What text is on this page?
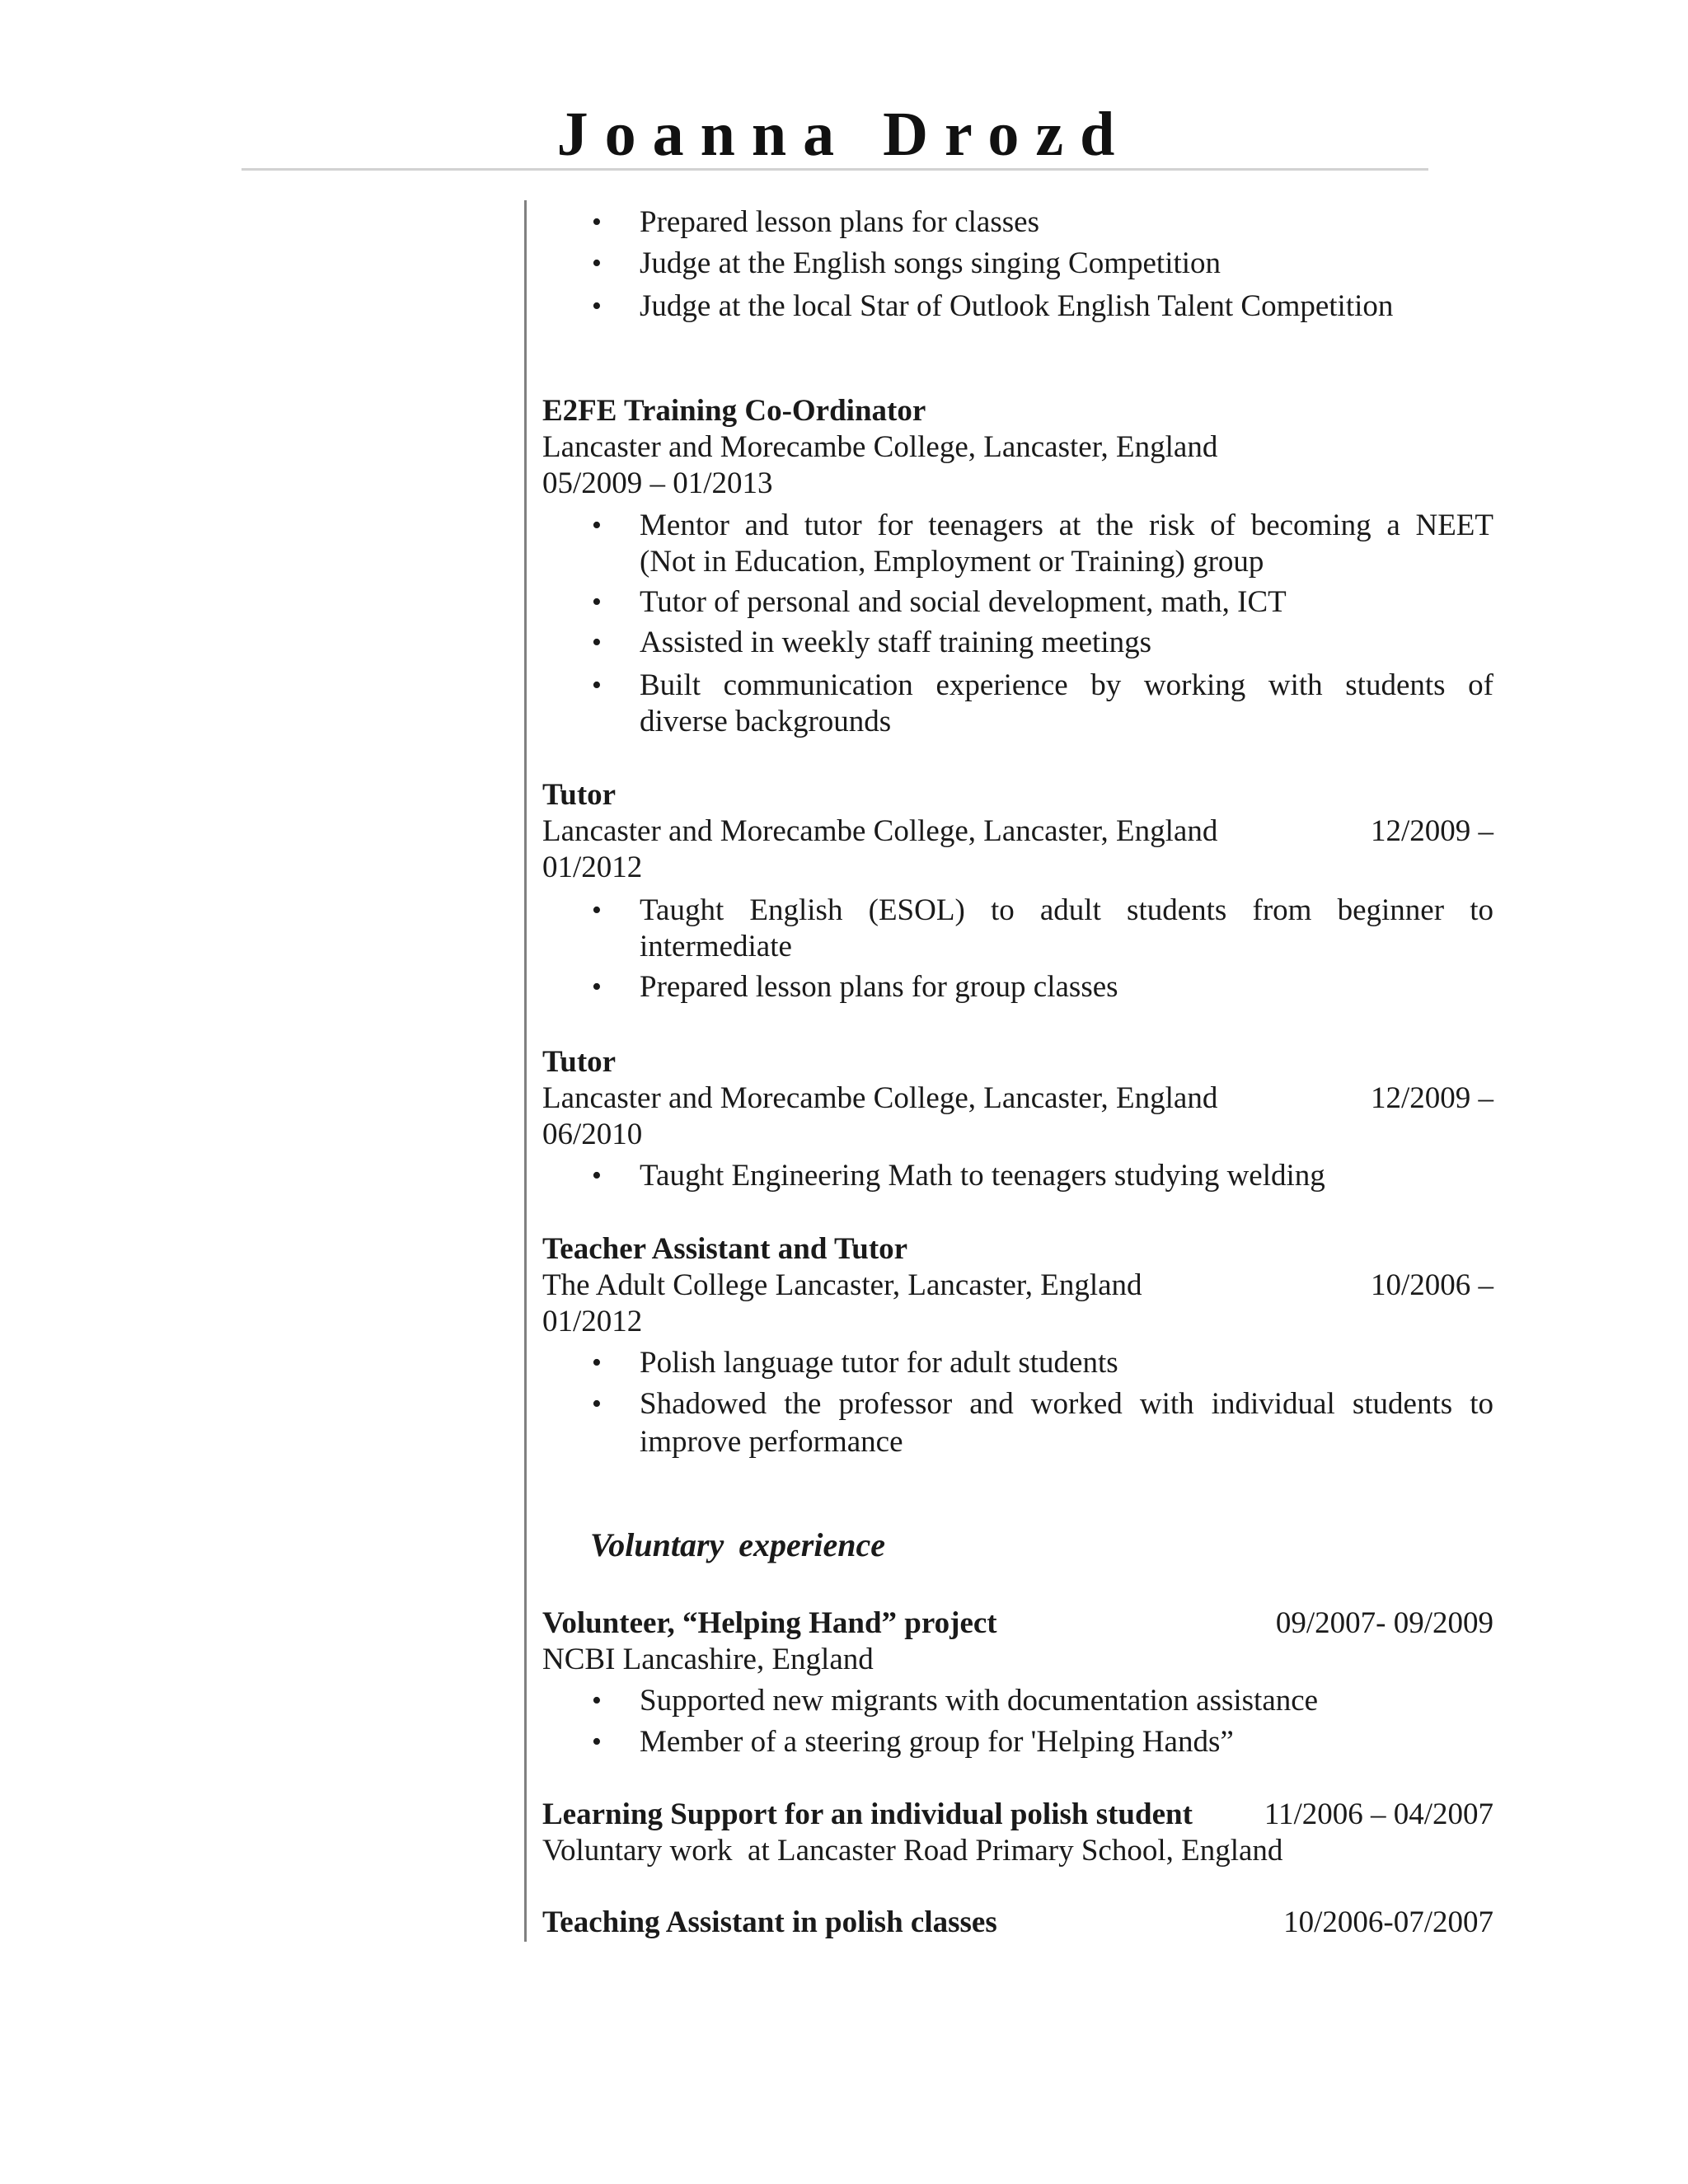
Joanna Drozd
•	Prepared lesson plans for classes
•	Judge at the English songs singing Competition
•	Judge at the local Star of Outlook English Talent Competition
E2FE Training Co-Ordinator
Lancaster and Morecambe College, Lancaster, England
05/2009 – 01/2013
•	Mentor and tutor for teenagers at the risk of becoming a NEET
(Not in Education, Employment or Training) group
•	Tutor of personal and social development, math, ICT
•	Assisted in weekly staff training meetings
•	Built communication experience by working with students of
diverse backgrounds
Tutor
Lancaster and Morecambe College, Lancaster, England	12/2009 –
01/2012
•	Taught English (ESOL) to adult students from beginner to
intermediate
•	Prepared lesson plans for group classes
Tutor
Lancaster and Morecambe College, Lancaster, England	12/2009 –
06/2010
•	Taught Engineering Math to teenagers studying welding
Teacher Assistant and Tutor
The Adult College Lancaster, Lancaster, England	10/2006 –
01/2012
•	Polish language tutor for adult students
•	Shadowed the professor and worked with individual students to
improve performance
Voluntary experience
Volunteer, “Helping Hand” project	09/2007- 09/2009
NCBI Lancashire, England
•	Supported new migrants with documentation assistance
•	Member of a steering group for 'Helping Hands”
Learning Support for an individual polish student	11/2006 – 04/2007
Voluntary work  at Lancaster Road Primary School, England
Teaching Assistant in polish classes	10/2006-07/2007
